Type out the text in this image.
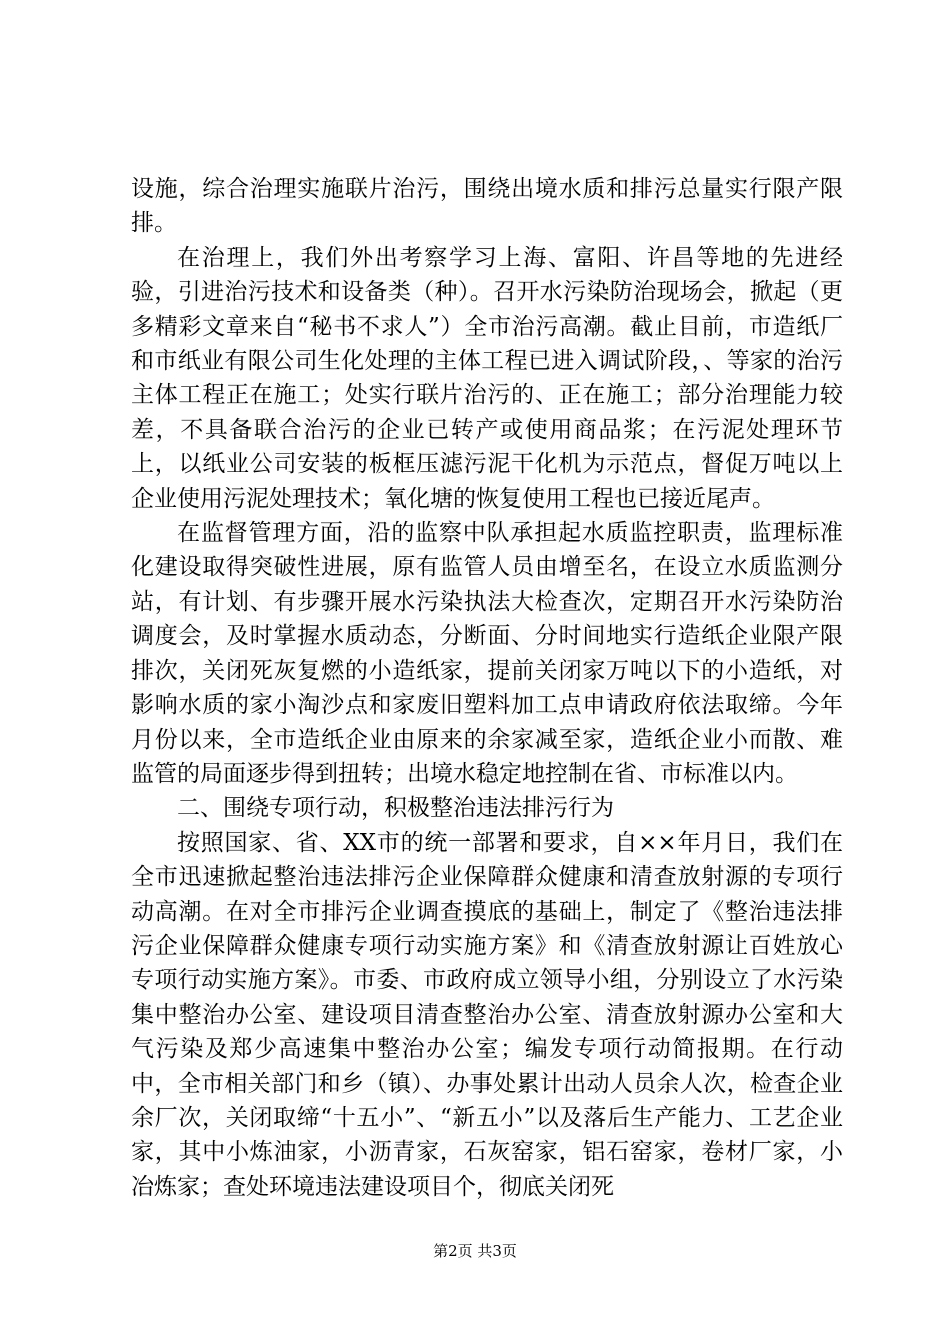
设施，综合治理实施联片治污，围绕出境水质和排污总量实行限产限排。

在治理上，我们外出考察学习上海、富阳、许昌等地的先进经验，引进治污技术和设备类（种）。召开水污染防治现场会，掀起（更多精彩文章来自“秘书不求人”）全市治污高潮。截止目前，市造纸厂和市纸业有限公司生化处理的主体工程已进入调试阶段，、等家的治污主体工程正在施工；处实行联片治污的、正在施工；部分治理能力较差，不具备联合治污的企业已转产或使用商品浆；在污泥处理环节上，以纸业公司安装的板框压滤污泥干化机为示范点，督促万吨以上企业使用污泥处理技术；氧化塘的恢复使用工程也已接近尾声。

在监督管理方面，沿的监察中队承担起水质监控职责，监理标准化建设取得突破性进展，原有监管人员由增至名，在设立水质监测分站，有计划、有步骤开展水污染执法大检查次，定期召开水污染防治调度会，及时掌握水质动态，分断面、分时间地实行造纸企业限产限排次，关闭死灰复燃的小造纸家，提前关闭家万吨以下的小造纸，对影响水质的家小淘沙点和家废旧塑料加工点申请政府依法取缔。今年月份以来，全市造纸企业由原来的余家减至家，造纸企业小而散、难监管的局面逐步得到扭转；出境水稳定地控制在省、市标准以内。

二、围绕专项行动，积极整治违法排污行为

按照国家、省、XX市的统一部署和要求，自××年月日，我们在全市迅速掀起整治违法排污企业保障群众健康和清查放射源的专项行动高潮。在对全市排污企业调查摸底的基础上，制定了《整治违法排污企业保障群众健康专项行动实施方案》和《清查放射源让百姓放心专项行动实施方案》。市委、市政府成立领导小组，分别设立了水污染集中整治办公室、建设项目清查整治办公室、清查放射源办公室和大气污染及郑少高速集中整治办公室；编发专项行动简报期。在行动中，全市相关部门和乡（镇）、办事处累计出动人员余人次，检查企业余厂次，关闭取缔“十五小”、“新五小”以及落后生产能力、工艺企业家，其中小炼油家，小沥青家，石灰窑家，铝石窑家，卷材厂家，小冶炼家；查处环境违法建设项目个，彻底关闭死

第2页 共3页
